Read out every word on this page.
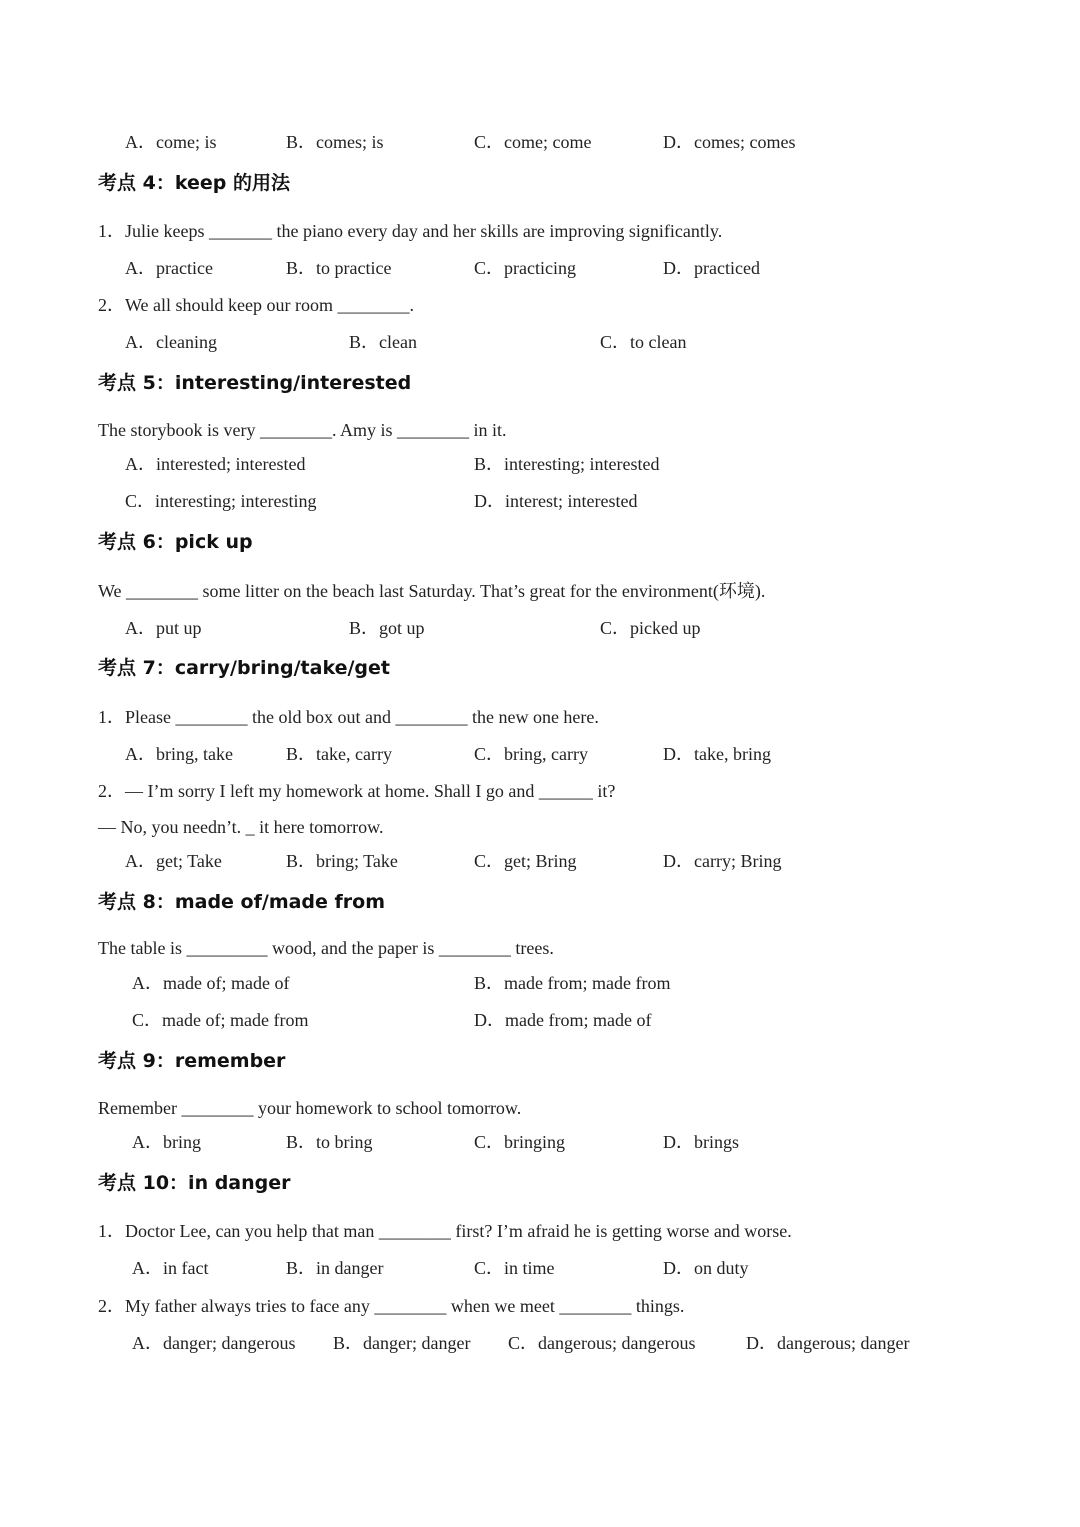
A．come; is	B．comes; is	C．come; come	D．comes; comes
考点 4：keep 的用法
1．Julie keeps _______ the piano every day and her skills are improving significantly.
A．practice	B．to practice	C．practicing	D．practiced
2．We all should keep our room ________.
A．cleaning	B．clean	C．to clean
考点 5：interesting/interested
The storybook is very ________. Amy is ________ in it.
A．interested; interested	B．interesting; interested
C．interesting; interesting	D．interest; interested
考点 6：pick up
We ________ some litter on the beach last Saturday. That’s great for the environment(环境).
A．put up	B．got up	C．picked up
考点 7：carry/bring/take/get
1．Please ________ the old box out and ________ the new one here.
A．bring, take	B．take, carry	C．bring, carry	D．take, bring
2．— I’m sorry I left my homework at home. Shall I go and ______ it?
— No, you needn’t. _ it here tomorrow.
A．get; Take	B．bring; Take	C．get; Bring	D．carry; Bring
考点 8：made of/made from
The table is _________ wood, and the paper is ________ trees.
A．made of; made of	B．made from; made from
C．made of; made from	D．made from; made of
考点 9：remember
Remember ________ your homework to school tomorrow.
A．bring	B．to bring	C．bringing	D．brings
考点 10：in danger
1．Doctor Lee, can you help that man ________ first? I’m afraid he is getting worse and worse.
A．in fact	B．in danger	C．in time	D．on duty
2．My father always tries to face any ________ when we meet ________ things.
A．danger; dangerous B．danger; danger C．dangerous; dangerous	D．dangerous; danger
